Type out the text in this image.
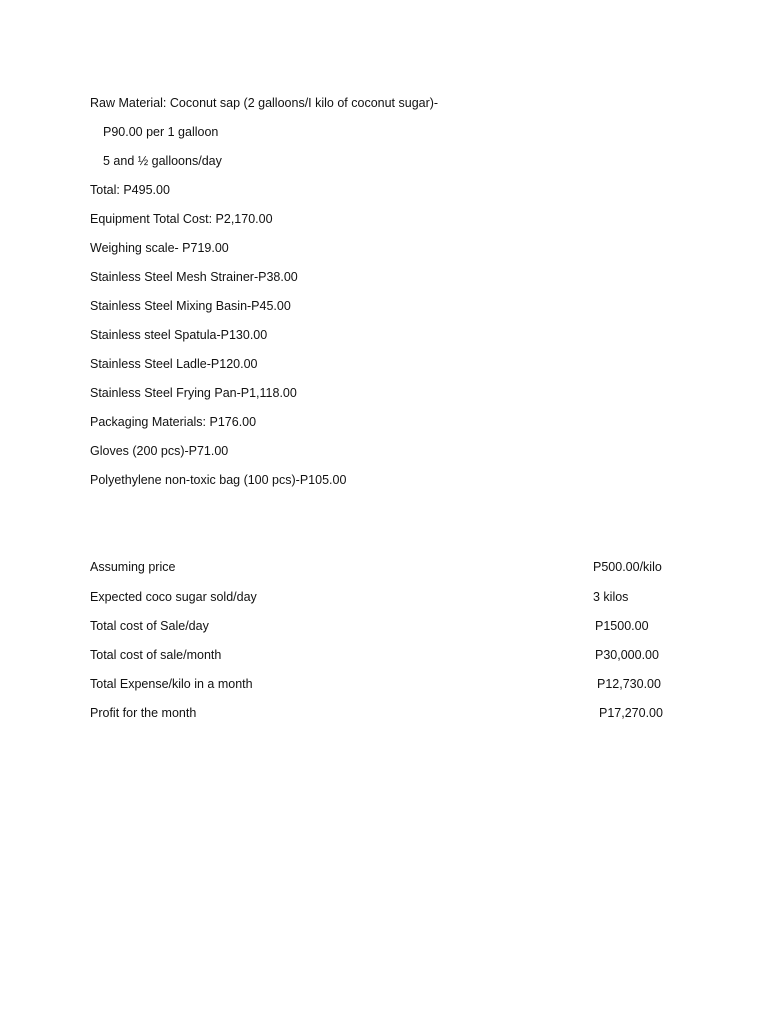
Raw Material: Coconut sap (2 galloons/I kilo of coconut sugar)-
P90.00 per 1 galloon
5 and ½ galloons/day
Total: P495.00
Equipment Total Cost: P2,170.00
Weighing scale- P719.00
Stainless Steel Mesh Strainer-P38.00
Stainless Steel Mixing Basin-P45.00
Stainless steel Spatula-P130.00
Stainless Steel Ladle-P120.00
Stainless Steel Frying Pan-P1,118.00
Packaging Materials: P176.00
Gloves (200 pcs)-P71.00
Polyethylene non-toxic bag (100 pcs)-P105.00
Assuming price	P500.00/kilo
Expected coco sugar sold/day	3 kilos
Total cost of Sale/day	P1500.00
Total cost of sale/month	P30,000.00
Total Expense/kilo in a month	P12,730.00
Profit for the month	P17,270.00
